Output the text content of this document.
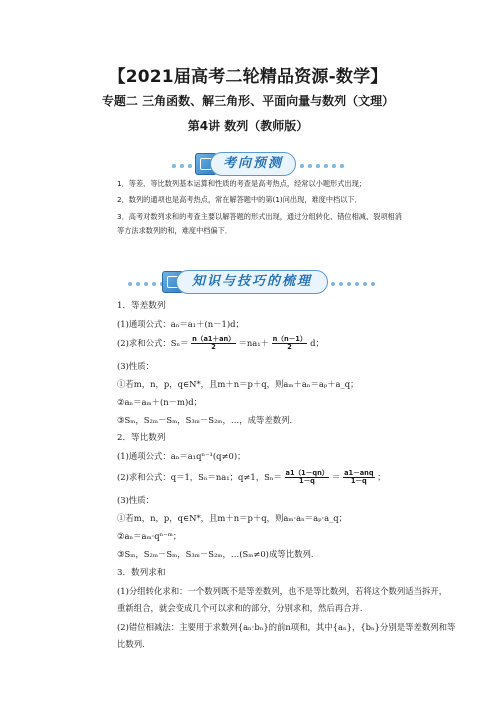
【2021届高考二轮精品资源-数学】
专题二 三角函数、解三角形、平面向量与数列（文理）
第4讲 数列（教师版）
考向预测
1．等差、等比数列基本运算和性质的考查是高考热点，经常以小题形式出现；
2．数列的通项也是高考热点，常在解答题中的第(1)问出现，难度中档以下．
3．高考对数列求和的考查主要以解答题的形式出现，通过分组转化、错位相减、裂项相消
等方法求数列的和，难度中档偏下．
知识与技巧的梳理
1．等差数列
(1)通项公式：aₙ＝a₁＋(n－1)d；
(2)求和公式：$S_n= \frac{n(a1+an)}{2} =na_1+ \frac{n(n-1)}{2}$ d；
(3)性质：
①若m，n，p，q∈N*，且m＋n＝p＋q，则aₘ＋aₙ＝aₚ＋a_q；
②aₙ＝aₘ＋(n－m)d；
③Sₘ，S₂ₘ－Sₘ，S₃ₘ－S₂ₘ，…，成等差数列．
2．等比数列
(1)通项公式：aₙ＝a₁qⁿ⁻¹(q≠0)；
(2)求和公式：q＝1，Sₙ＝na₁；q≠1，$S_n= \frac{a1(1-qn)}{1-q} = \frac{\text{a1－anq}}{1-q}$ ；
(3)性质：
①若m，n，p，q∈N*，且m＋n＝p＋q，则aₘ·aₙ＝aₚ·a_q；
②aₙ＝aₘ·qⁿ⁻ᵐ；
③Sₘ，S₂ₘ－Sₘ，S₃ₘ－S₂ₘ，…(Sₘ≠0)成等比数列．
3．数列求和
(1)分组转化求和：一个数列既不是等差数列，也不是等比数列，若将这个数列适当拆开，
重新组合，就会变成几个可以求和的部分，分别求和，然后再合并．
(2)错位相减法：主要用于求数列{aₙ·bₙ}的前n项和，其中{aₙ}，{bₙ}分别是等差数列和等
比数列．
